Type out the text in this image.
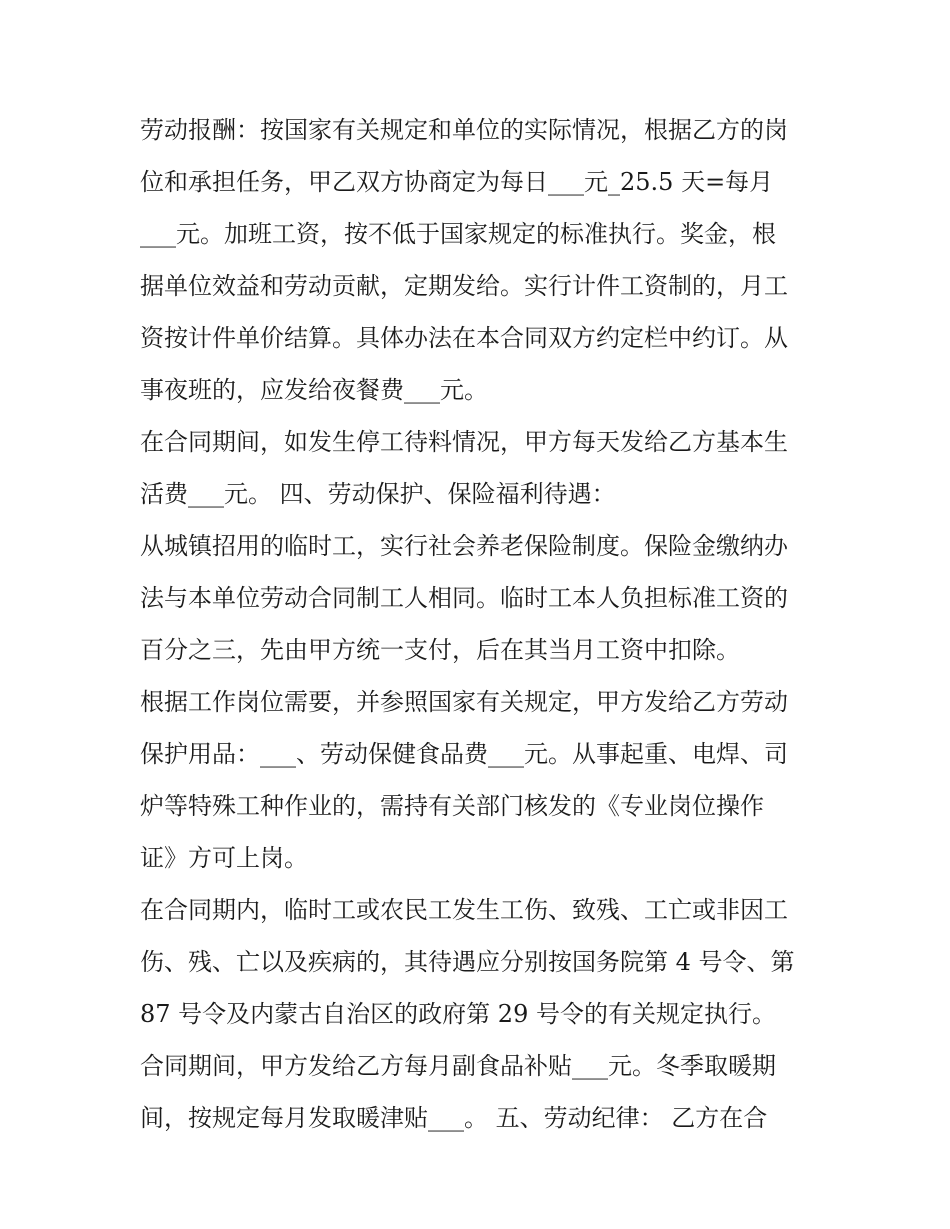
劳动报酬：按国家有关规定和单位的实际情况，根据乙方的岗
位和承担任务，甲乙双方协商定为每日___元_25.5 天=每月
___元。加班工资，按不低于国家规定的标准执行。奖金，根
据单位效益和劳动贡献，定期发给。实行计件工资制的，月工
资按计件单价结算。具体办法在本合同双方约定栏中约订。从
事夜班的，应发给夜餐费___元。
在合同期间，如发生停工待料情况，甲方每天发给乙方基本生
活费___元。 四、劳动保护、保险福利待遇：
从城镇招用的临时工，实行社会养老保险制度。保险金缴纳办
法与本单位劳动合同制工人相同。临时工本人负担标准工资的
百分之三，先由甲方统一支付，后在其当月工资中扣除。
根据工作岗位需要，并参照国家有关规定，甲方发给乙方劳动
保护用品：___、劳动保健食品费___元。从事起重、电焊、司
炉等特殊工种作业的，需持有关部门核发的《专业岗位操作
证》方可上岗。
在合同期内，临时工或农民工发生工伤、致残、工亡或非因工
伤、残、亡以及疾病的，其待遇应分别按国务院第 4 号令、第
87 号令及内蒙古自治区的政府第 29 号令的有关规定执行。
合同期间，甲方发给乙方每月副食品补贴___元。冬季取暖期
间，按规定每月发取暖津贴___。 五、劳动纪律： 乙方在合
